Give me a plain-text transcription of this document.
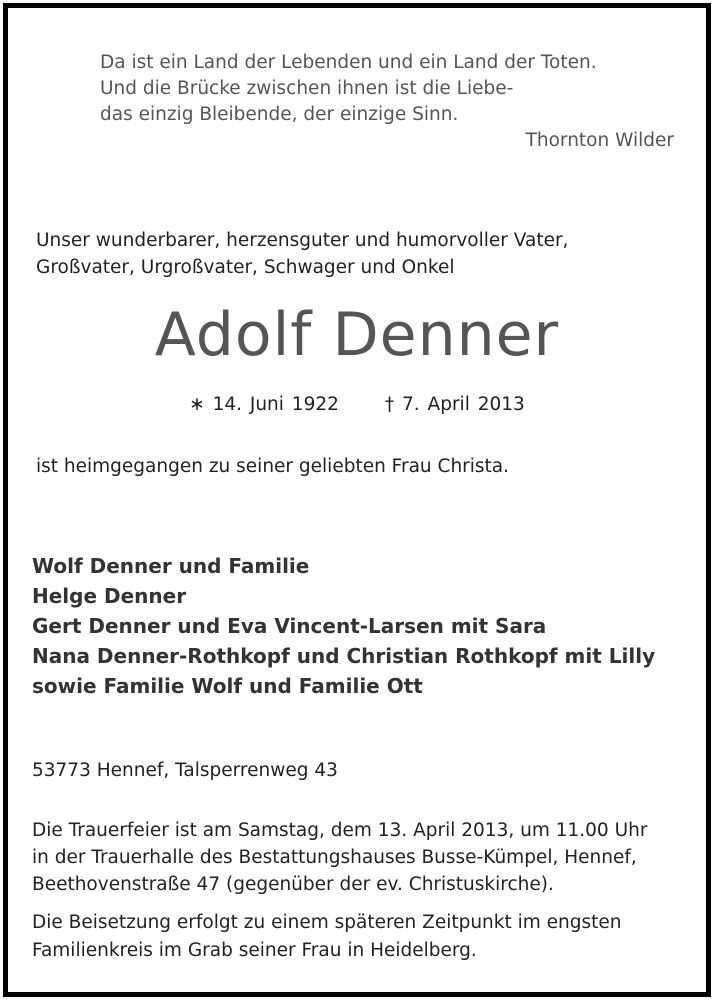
Da ist ein Land der Lebenden und ein Land der Toten.
Und die Brücke zwischen ihnen ist die Liebe-
das einzig Bleibende, der einzige Sinn.
Thornton Wilder
Unser wunderbarer, herzensguter und humorvoller Vater,
Großvater, Urgroßvater, Schwager und Onkel
Adolf Denner
∗ 14. Juni 1922 † 7. April 2013
ist heimgegangen zu seiner geliebten Frau Christa.
Wolf Denner und Familie
Helge Denner
Gert Denner und Eva Vincent-Larsen mit Sara
Nana Denner-Rothkopf und Christian Rothkopf mit Lilly
sowie Familie Wolf und Familie Ott
53773 Hennef, Talsperrenweg 43
Die Trauerfeier ist am Samstag, dem 13. April 2013, um 11.00 Uhr
in der Trauerhalle des Bestattungshauses Busse-Kümpel, Hennef,
Beethovenstraße 47 (gegenüber der ev. Christuskirche).
Die Beisetzung erfolgt zu einem späteren Zeitpunkt im engsten
Familienkreis im Grab seiner Frau in Heidelberg.
